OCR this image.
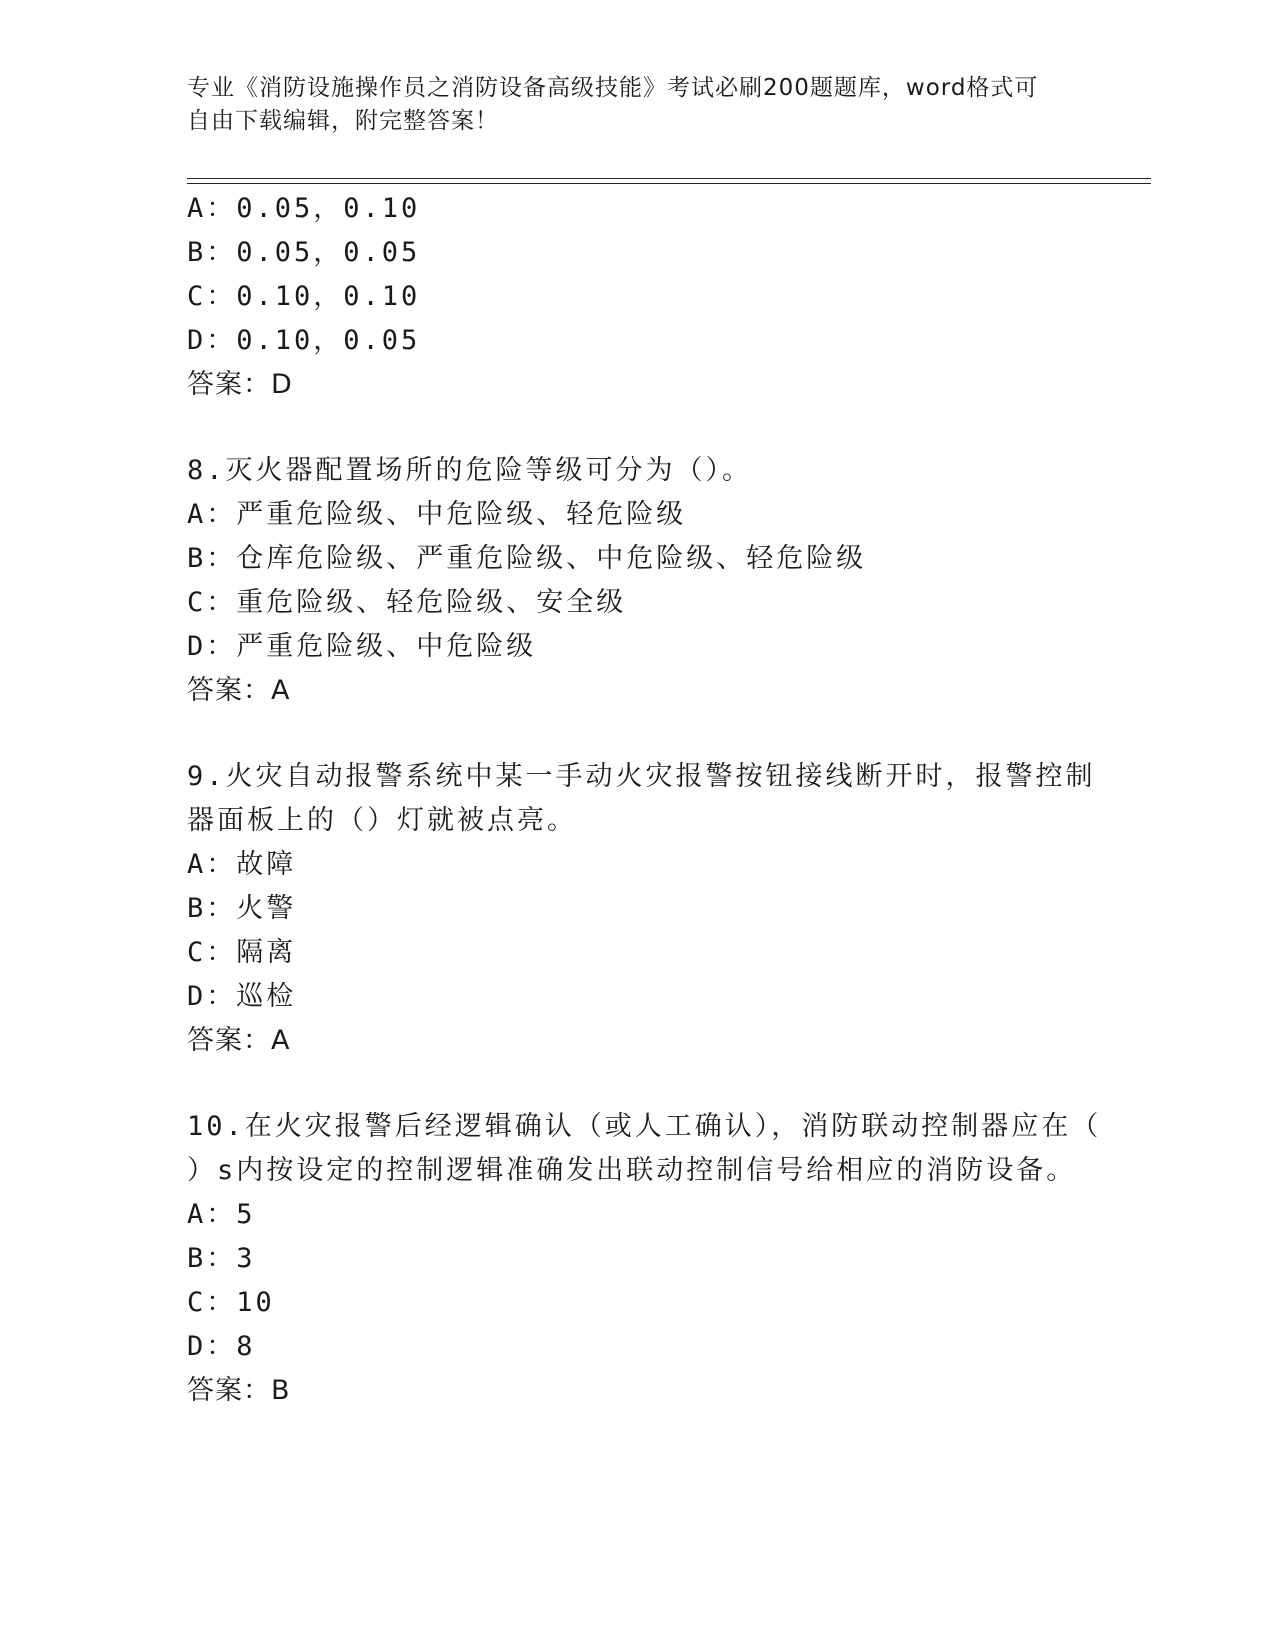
专业《消防设施操作员之消防设备高级技能》考试必刷200题题库，word格式可
自由下载编辑，附完整答案！
A：0.05，0.10
B：0.05，0.05
C：0.10，0.10
D：0.10，0.05
答案：D
8.灭火器配置场所的危险等级可分为（）。
A：严重危险级、中危险级、轻危险级
B：仓库危险级、严重危险级、中危险级、轻危险级
C：重危险级、轻危险级、安全级
D：严重危险级、中危险级
答案：A
9.火灾自动报警系统中某一手动火灾报警按钮接线断开时，报警控制
器面板上的（）灯就被点亮。
A：故障
B：火警
C：隔离
D：巡检
答案：A
10.在火灾报警后经逻辑确认（或人工确认），消防联动控制器应在（
）s内按设定的控制逻辑准确发出联动控制信号给相应的消防设备。
A：5
B：3
C：10
D：8
答案：B
